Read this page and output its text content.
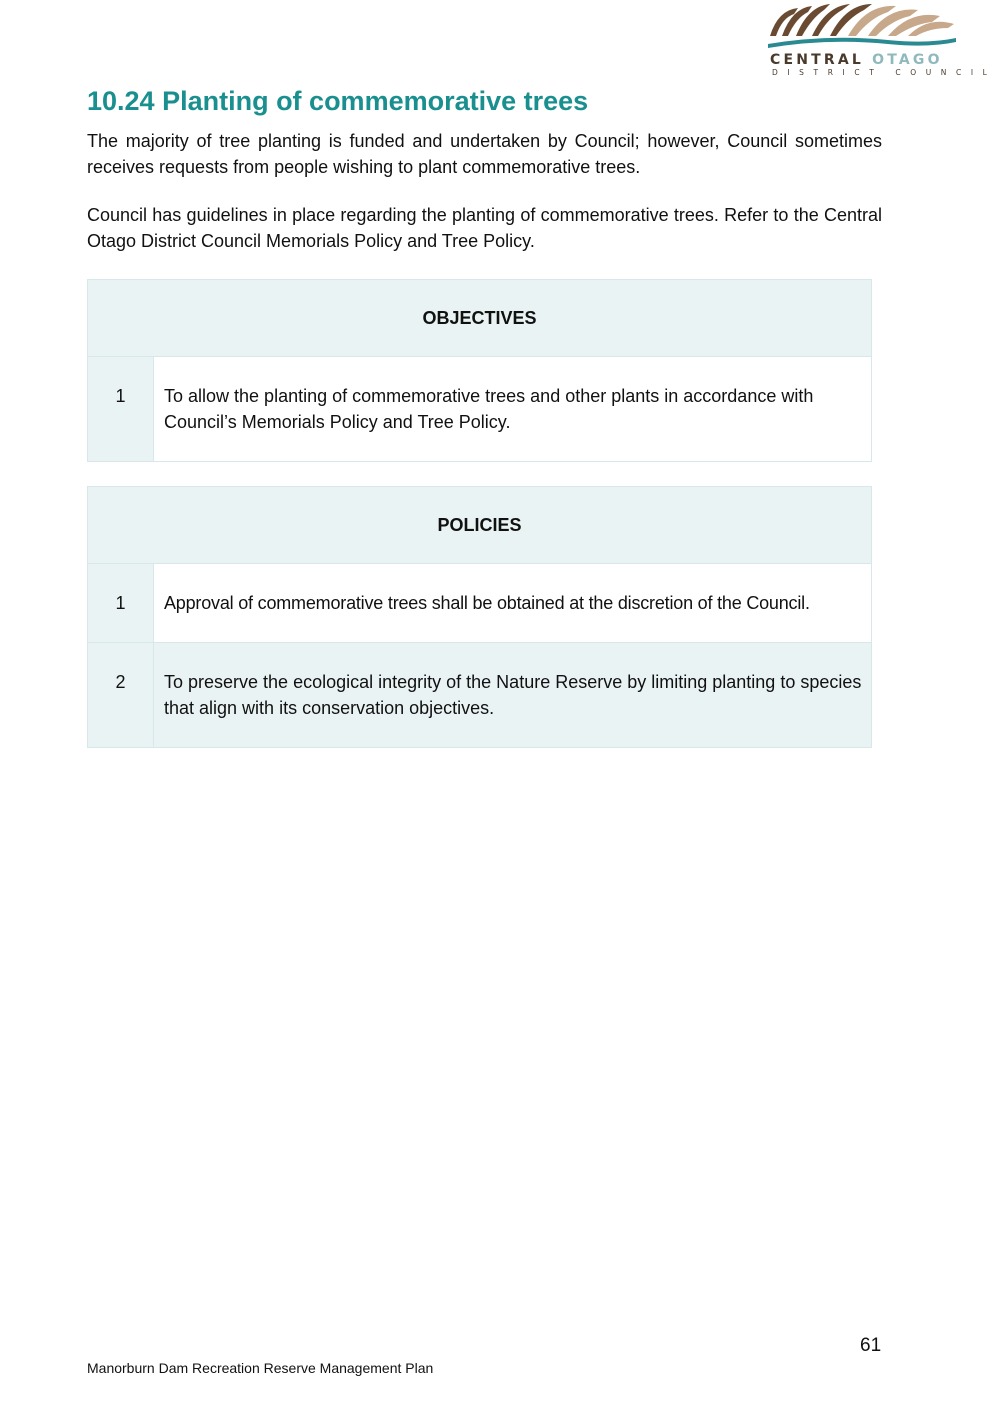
CENTRAL OTAGO
DISTRICT COUNCIL
10.24 Planting of commemorative trees

The majority of tree planting is funded and undertaken by Council; however, Council sometimes receives requests from people wishing to plant commemorative trees.

Council has guidelines in place regarding the planting of commemorative trees. Refer to the Central Otago District Council Memorials Policy and Tree Policy.

OBJECTIVES
1	To allow the planting of commemorative trees and other plants in accordance with Council’s Memorials Policy and Tree Policy.
POLICIES	
1	Approval of commemorative trees shall be obtained at the discretion of the Council.
2	To preserve the ecological integrity of the Nature Reserve by limiting planting to species that align with its conservation objectives.
61
Manorburn Dam Recreation Reserve Management Plan
